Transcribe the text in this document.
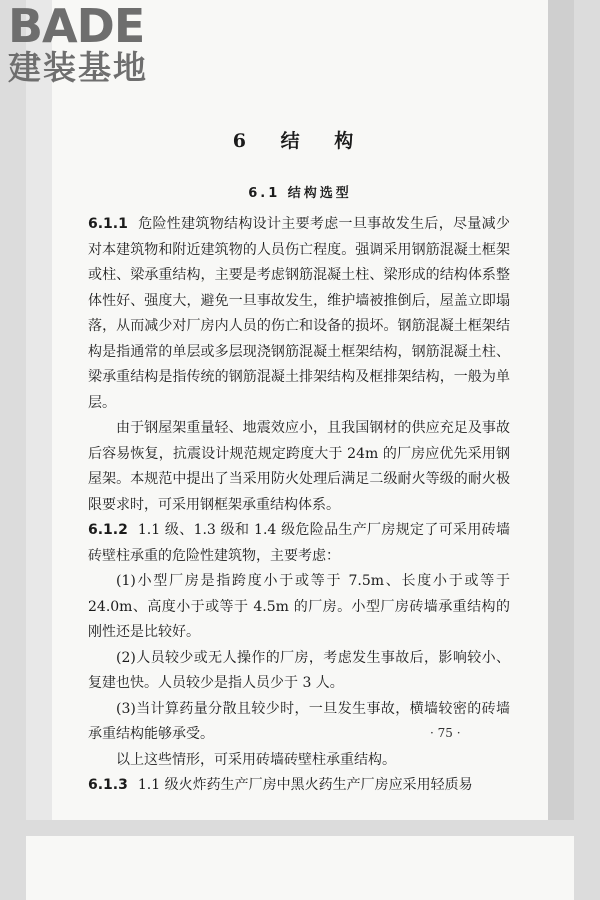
BADE
建装基地
6 结 构
6.1 结构选型

6.1.1 危险性建筑物结构设计主要考虑一旦事故发生后，尽量减少对本建筑物和附近建筑物的人员伤亡程度。强调采用钢筋混凝土框架或柱、梁承重结构，主要是考虑钢筋混凝土柱、梁形成的结构体系整体性好、强度大，避免一旦事故发生，维护墙被推倒后，屋盖立即塌落，从而减少对厂房内人员的伤亡和设备的损坏。钢筋混凝土框架结构是指通常的单层或多层现浇钢筋混凝土框架结构，钢筋混凝土柱、梁承重结构是指传统的钢筋混凝土排架结构及框排架结构，一般为单层。

由于钢屋架重量轻、地震效应小，且我国钢材的供应充足及事故后容易恢复，抗震设计规范规定跨度大于 24m 的厂房应优先采用钢屋架。本规范中提出了当采用防火处理后满足二级耐火等级的耐火极限要求时，可采用钢框架承重结构体系。

6.1.2 1.1 级、1.3 级和 1.4 级危险品生产厂房规定了可采用砖墙砖壁柱承重的危险性建筑物，主要考虑：

(1)小型厂房是指跨度小于或等于 7.5m、长度小于或等于 24.0m、高度小于或等于 4.5m 的厂房。小型厂房砖墙承重结构的刚性还是比较好。

(2)人员较少或无人操作的厂房，考虑发生事故后，影响较小、复建也快。人员较少是指人员少于 3 人。

(3)当计算药量分散且较少时，一旦发生事故，横墙较密的砖墙承重结构能够承受。

以上这些情形，可采用砖墙砖壁柱承重结构。

6.1.3 1.1 级火炸药生产厂房中黑火药生产厂房应采用轻质易

· 75 ·
